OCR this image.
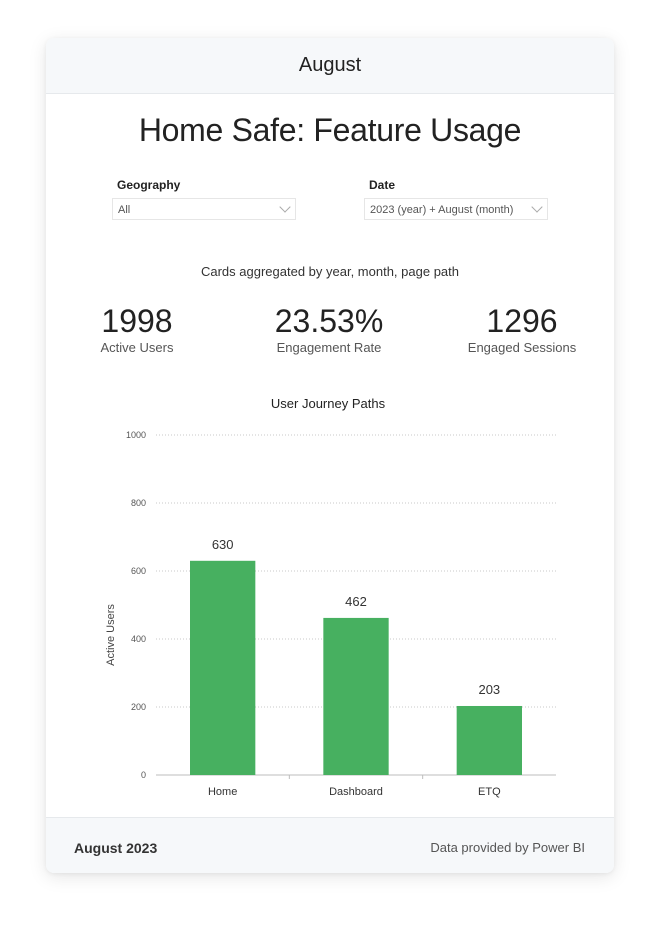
August
Home Safe: Feature Usage
Geography
All
Date
2023 (year) + August (month)
Cards aggregated by year, month, page path
1998
Active Users
23.53%
Engagement Rate
1296
Engaged Sessions
User Journey Paths
0
200
400
600
800
1000
Active Users
630
Home
462
Dashboard
203
ETQ
August 2023	Data provided by Power BI
